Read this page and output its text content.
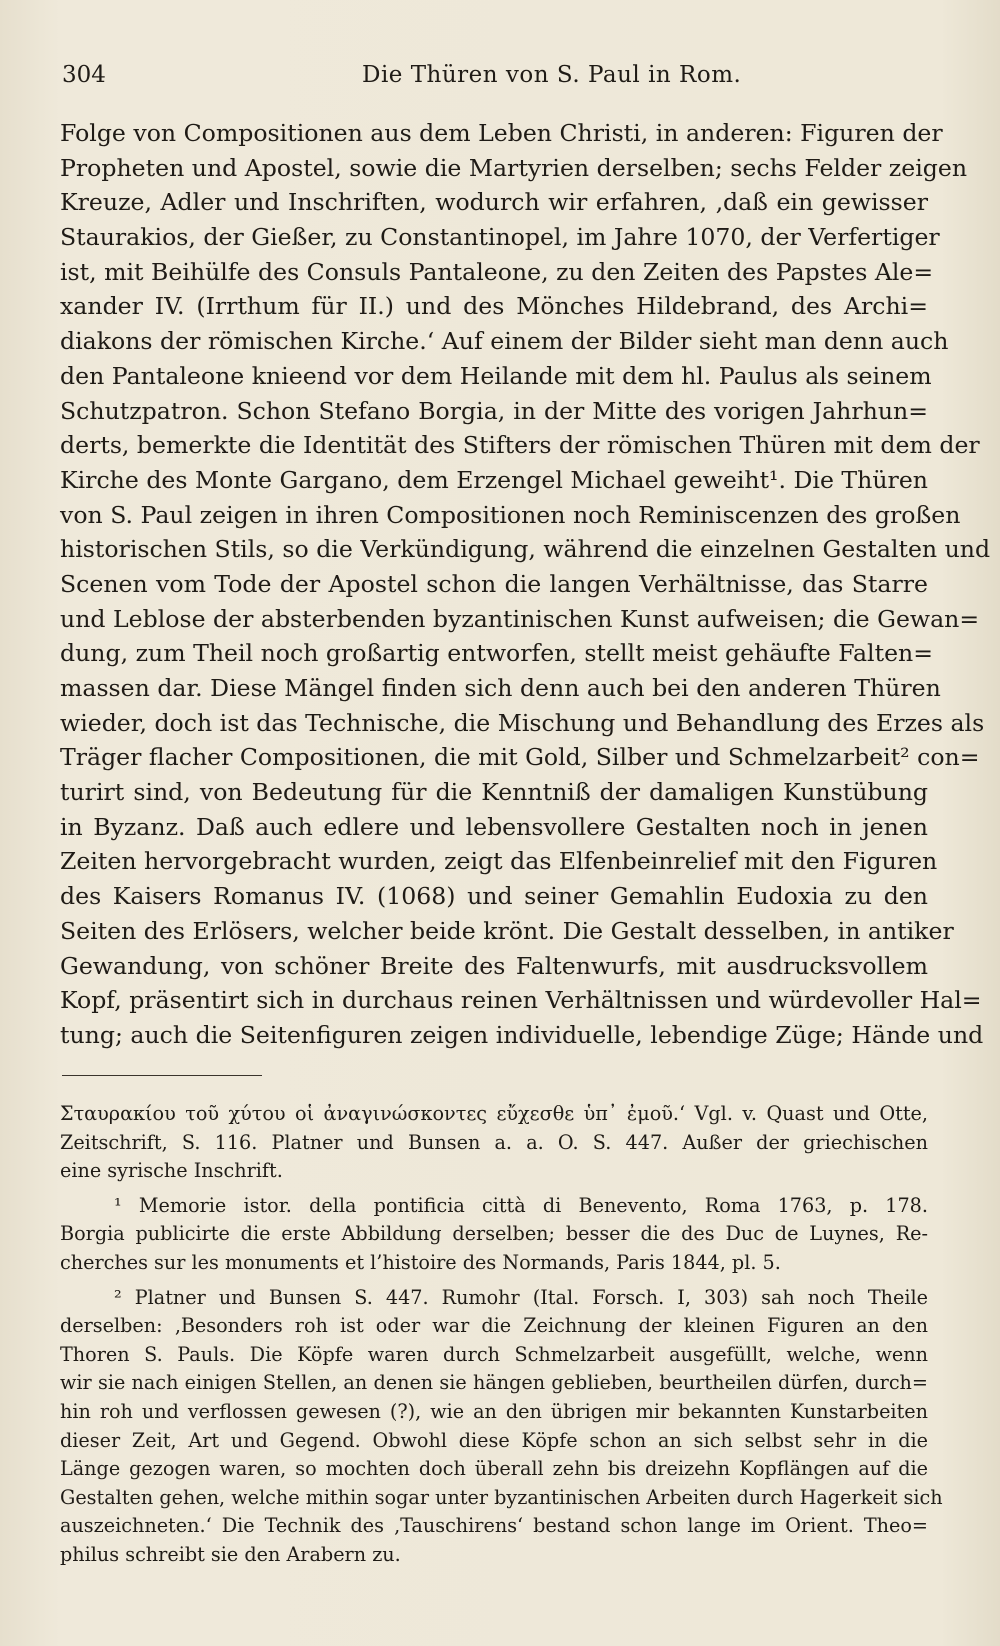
304	Die Thüren von S. Paul in Rom.
Folge von Compositionen aus dem Leben Christi, in anderen: Figuren der
Propheten und Apostel, sowie die Martyrien derselben; sechs Felder zeigen
Kreuze, Adler und Inschriften, wodurch wir erfahren, ‚daß ein gewisser
Staurakios, der Gießer, zu Constantinopel, im Jahre 1070, der Verfertiger
ist, mit Beihülfe des Consuls Pantaleone, zu den Zeiten des Papstes Ale=
xander IV. (Irrthum für II.) und des Mönches Hildebrand, des Archi=
diakons der römischen Kirche.‘ Auf einem der Bilder sieht man denn auch
den Pantaleone knieend vor dem Heilande mit dem hl. Paulus als seinem
Schutzpatron. Schon Stefano Borgia, in der Mitte des vorigen Jahrhun=
derts, bemerkte die Identität des Stifters der römischen Thüren mit dem der
Kirche des Monte Gargano, dem Erzengel Michael geweiht¹. Die Thüren
von S. Paul zeigen in ihren Compositionen noch Reminiscenzen des großen
historischen Stils, so die Verkündigung, während die einzelnen Gestalten und
Scenen vom Tode der Apostel schon die langen Verhältnisse, das Starre
und Leblose der absterbenden byzantinischen Kunst aufweisen; die Gewan=
dung, zum Theil noch großartig entworfen, stellt meist gehäufte Falten=
massen dar. Diese Mängel finden sich denn auch bei den anderen Thüren
wieder, doch ist das Technische, die Mischung und Behandlung des Erzes als
Träger flacher Compositionen, die mit Gold, Silber und Schmelzarbeit² con=
turirt sind, von Bedeutung für die Kenntniß der damaligen Kunstübung
in Byzanz. Daß auch edlere und lebensvollere Gestalten noch in jenen
Zeiten hervorgebracht wurden, zeigt das Elfenbeinrelief mit den Figuren
des Kaisers Romanus IV. (1068) und seiner Gemahlin Eudoxia zu den
Seiten des Erlösers, welcher beide krönt. Die Gestalt desselben, in antiker
Gewandung, von schöner Breite des Faltenwurfs, mit ausdrucksvollem
Kopf, präsentirt sich in durchaus reinen Verhältnissen und würdevoller Hal=
tung; auch die Seitenfiguren zeigen individuelle, lebendige Züge; Hände und
Σταυρακίου τοῦ χύτου οἱ ἀναγινώσκοντες εὔχεσθε ὑπ᾽ ἐμοῦ.‘ Vgl. v. Quast und Otte,
Zeitschrift, S. 116. Platner und Bunsen a. a. O. S. 447. Außer der griechischen
eine syrische Inschrift.
¹ Memorie istor. della pontificia città di Benevento, Roma 1763, p. 178.
Borgia publicirte die erste Abbildung derselben; besser die des Duc de Luynes, Re-
cherches sur les monuments et l’histoire des Normands, Paris 1844, pl. 5.
² Platner und Bunsen S. 447. Rumohr (Ital. Forsch. I, 303) sah noch Theile
derselben: ‚Besonders roh ist oder war die Zeichnung der kleinen Figuren an den
Thoren S. Pauls. Die Köpfe waren durch Schmelzarbeit ausgefüllt, welche, wenn
wir sie nach einigen Stellen, an denen sie hängen geblieben, beurtheilen dürfen, durch=
hin roh und verflossen gewesen (?), wie an den übrigen mir bekannten Kunstarbeiten
dieser Zeit, Art und Gegend. Obwohl diese Köpfe schon an sich selbst sehr in die
Länge gezogen waren, so mochten doch überall zehn bis dreizehn Kopflängen auf die
Gestalten gehen, welche mithin sogar unter byzantinischen Arbeiten durch Hagerkeit sich
auszeichneten.‘ Die Technik des ‚Tauschirens‘ bestand schon lange im Orient. Theo=
philus schreibt sie den Arabern zu.
